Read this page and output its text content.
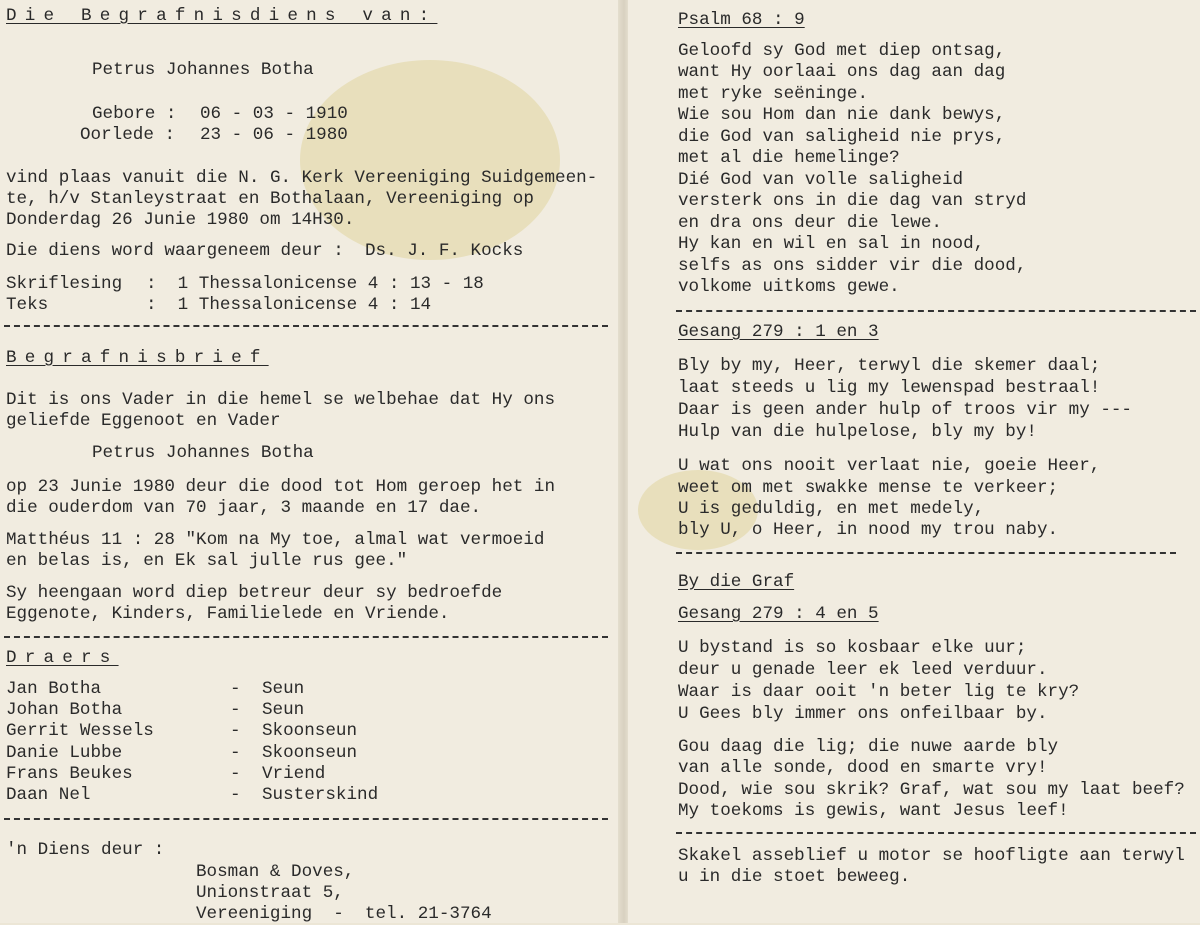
Die Begrafnisdiens van:
Petrus Johannes Botha
Gebore : 06 - 03 - 1910
Oorlede : 23 - 06 - 1980
vind plaas vanuit die N. G. Kerk Vereeniging Suidgemeen-
te, h/v Stanleystraat en Bothalaan, Vereeniging op
Donderdag 26 Junie 1980 om 14H30.
Die diens word waargeneem deur :  Ds. J. F. Kocks
Skriflesing :  1 Thessalonicense 4 : 13 - 18
Teks	:  1 Thessalonicense 4 : 14
Begrafnisbrief
Dit is ons Vader in die hemel se welbehae dat Hy ons
geliefde Eggenoot en Vader
Petrus Johannes Botha
op 23 Junie 1980 deur die dood tot Hom geroep het in
die ouderdom van 70 jaar, 3 maande en 17 dae.
Matthéus 11 : 28 "Kom na My toe, almal wat vermoeid
en belas is, en Ek sal julle rus gee."
Sy heengaan word diep betreur deur sy bedroefde
Eggenote, Kinders, Familielede en Vriende.
Draers
Jan Botha	- Seun
Johan Botha	- Seun
Gerrit Wessels	- Skoonseun
Danie Lubbe	- Skoonseun
Frans Beukes	- Vriend
Daan Nel	- Susterskind
'n Diens deur :
Bosman & Doves,
Unionstraat 5,
Vereeniging  -  tel. 21-3764
Psalm 68 : 9
Geloofd sy God met diep ontsag,
want Hy oorlaai ons dag aan dag
met ryke seëninge.
Wie sou Hom dan nie dank bewys,
die God van saligheid nie prys,
met al die hemelinge?
Dié God van volle saligheid
versterk ons in die dag van stryd
en dra ons deur die lewe.
Hy kan en wil en sal in nood,
selfs as ons sidder vir die dood,
volkome uitkoms gewe.
Gesang 279 : 1 en 3
Bly by my, Heer, terwyl die skemer daal;
laat steeds u lig my lewenspad bestraal!
Daar is geen ander hulp of troos vir my ---
Hulp van die hulpelose, bly my by!
U wat ons nooit verlaat nie, goeie Heer,
weet om met swakke mense te verkeer;
U is geduldig, en met medely,
bly U, o Heer, in nood my trou naby.
By die Graf
Gesang 279 : 4 en 5
U bystand is so kosbaar elke uur;
deur u genade leer ek leed verduur.
Waar is daar ooit 'n beter lig te kry?
U Gees bly immer ons onfeilbaar by.
Gou daag die lig; die nuwe aarde bly
van alle sonde, dood en smarte vry!
Dood, wie sou skrik? Graf, wat sou my laat beef?
My toekoms is gewis, want Jesus leef!
Skakel asseblief u motor se hoofligte aan terwyl
u in die stoet beweeg.
